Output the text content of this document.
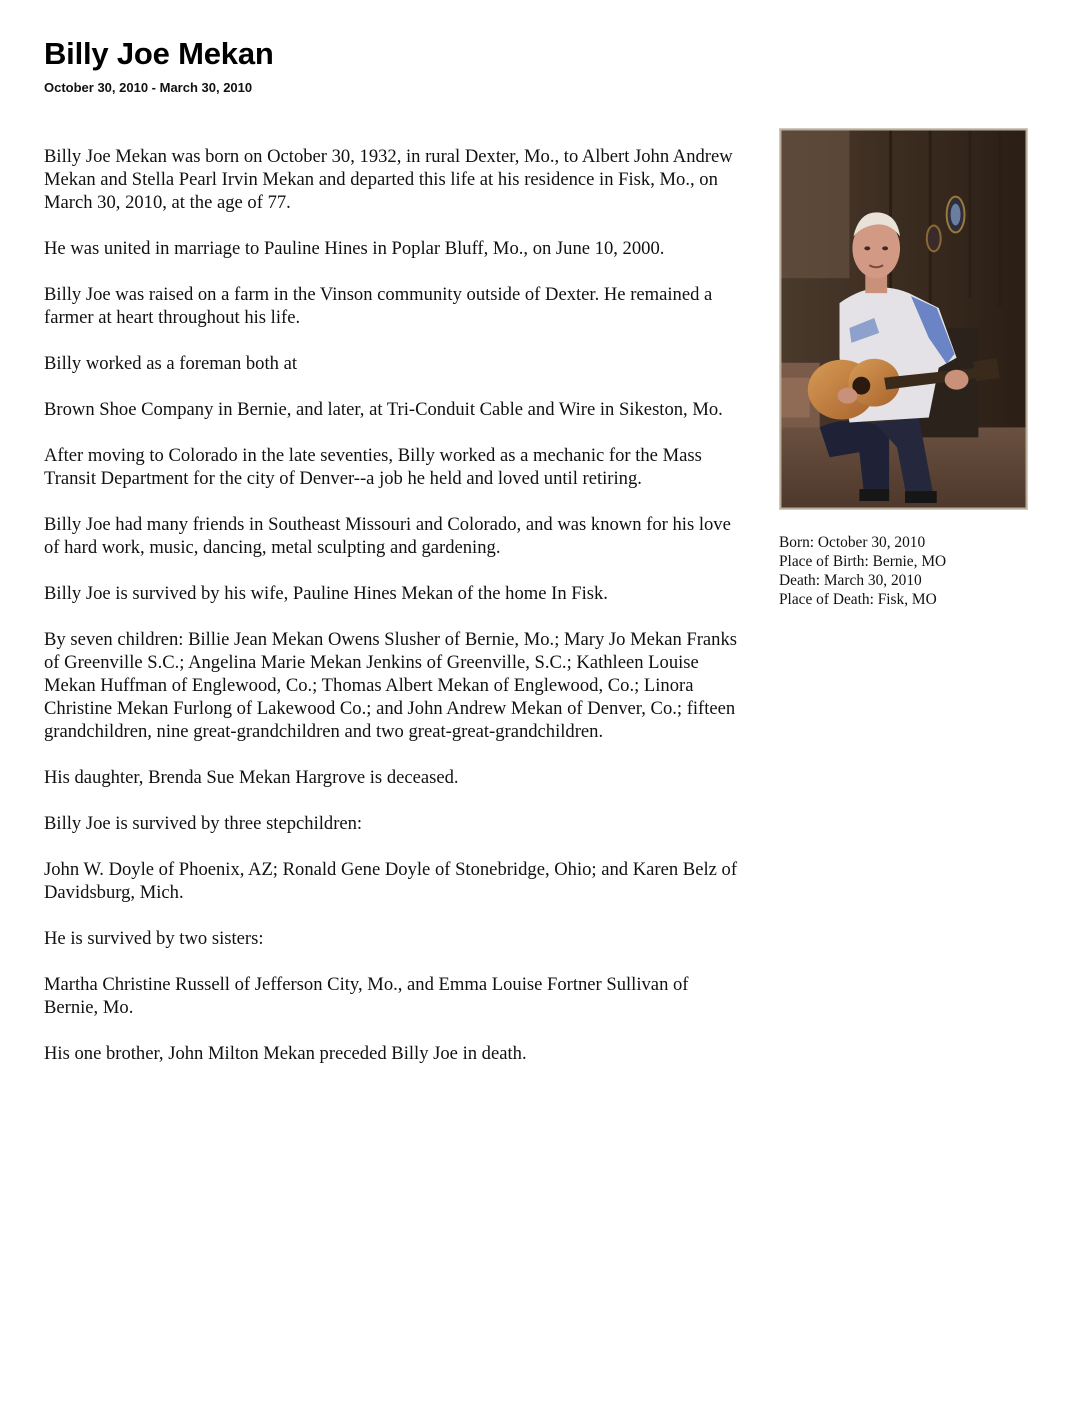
Billy Joe Mekan
October 30, 2010 - March 30, 2010

Billy Joe Mekan was born on October 30, 1932, in rural Dexter, Mo., to Albert John Andrew Mekan and Stella Pearl Irvin Mekan and departed this life at his residence in Fisk, Mo., on March 30, 2010, at the age of 77.

He was united in marriage to Pauline Hines in Poplar Bluff, Mo., on June 10, 2000.

Billy Joe was raised on a farm in the Vinson community outside of Dexter. He remained a farmer at heart throughout his life.

Billy worked as a foreman both at

Brown Shoe Company in Bernie, and later, at Tri-Conduit Cable and Wire in Sikeston, Mo.

After moving to Colorado in the late seventies, Billy worked as a mechanic for the Mass Transit Department for the city of Denver--a job he held and loved until retiring.

Billy Joe had many friends in Southeast Missouri and Colorado, and was known for his love of hard work, music, dancing, metal sculpting and gardening.

Billy Joe is survived by his wife, Pauline Hines Mekan of the home In Fisk.

By seven children: Billie Jean Mekan Owens Slusher of Bernie, Mo.; Mary Jo Mekan Franks of Greenville S.C.; Angelina Marie Mekan Jenkins of Greenville, S.C.; Kathleen Louise Mekan Huffman of Englewood, Co.; Thomas Albert Mekan of Englewood, Co.; Linora Christine Mekan Furlong of Lakewood Co.; and John Andrew Mekan of Denver, Co.; fifteen grandchildren, nine great-grandchildren and two great-great-grandchildren.

His daughter, Brenda Sue Mekan Hargrove is deceased.

Billy Joe is survived by three stepchildren:

John W. Doyle of Phoenix, AZ; Ronald Gene Doyle of Stonebridge, Ohio; and Karen Belz of Davidsburg, Mich.

He is survived by two sisters:

Martha Christine Russell of Jefferson City, Mo., and Emma Louise Fortner Sullivan of Bernie, Mo.

His one brother, John Milton Mekan preceded Billy Joe in death.

Born: October 30, 2010
Place of Birth: Bernie, MO
Death: March 30, 2010
Place of Death: Fisk, MO
